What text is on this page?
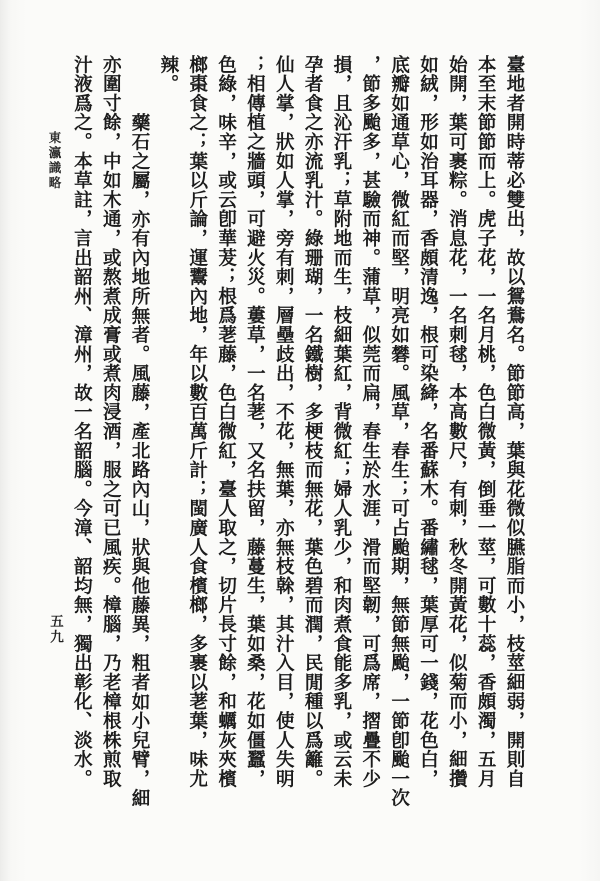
東瀛識略
五九	臺地者開時蒂必雙出，故以鴛鴦名。節節高，葉與花微似臙脂而小，枝莖細弱，開則自
本至末節節而上。虎子花，一名月桃，色白微黃，倒垂一莖，可數十蕊，香頗濁，五月
始開，葉可裹粽。消息花，一名刺毬，本高數尺，有刺，秋冬開黃花，似菊而小，細攢
如絨，形如治耳器，香頗清逸，根可染絳，名番蘇木。番繡毬，葉厚可一錢，花色白，
底瓣如通草心，微紅而堅，明亮如礬。風草，春生；可占颱期，無節無颱，一節卽颱一次
，節多颱多，甚驗而神。蒲草，似莞而扁，春生於水涯，滑而堅韌，可爲席，摺疊不少
損，且沁汗乳；草附地而生，枝細葉紅，背微紅；婦人乳少，和肉煮食能多乳，或云未
孕者食之亦流乳汁。綠珊瑚，一名鐵樹，多梗枝而無花，葉色碧而潤，民閒種以爲籬。
仙人掌，狀如人掌，旁有刺，層壘歧出，不花，無葉，亦無枝榦，其汁入目，使人失明
；相傳植之牆頭，可避火災。蔞草，一名荖，又名扶留，藤蔓生，葉如桑，花如僵蠶，
色綠，味辛，或云卽華茇；根爲荖藤，色白微紅，臺人取之，切片長寸餘，和蠣灰夾檳
榔棗食之；葉以斤論，運鬻內地，年以數百萬斤計；閩廣人食檳榔，多裹以荖葉，味尤
辣。
藥石之屬，亦有內地所無者。風藤，產北路內山，狀與他藤異，粗者如小兒臂，細
亦圍寸餘，中如木通，或熬煮成膏或煮肉浸酒，服之可已風疾。樟腦，乃老樟根株煎取
汁液爲之。本草註，言出韶州、漳州，故一名韶腦。今漳、韶均無，獨出彰化、淡水。
